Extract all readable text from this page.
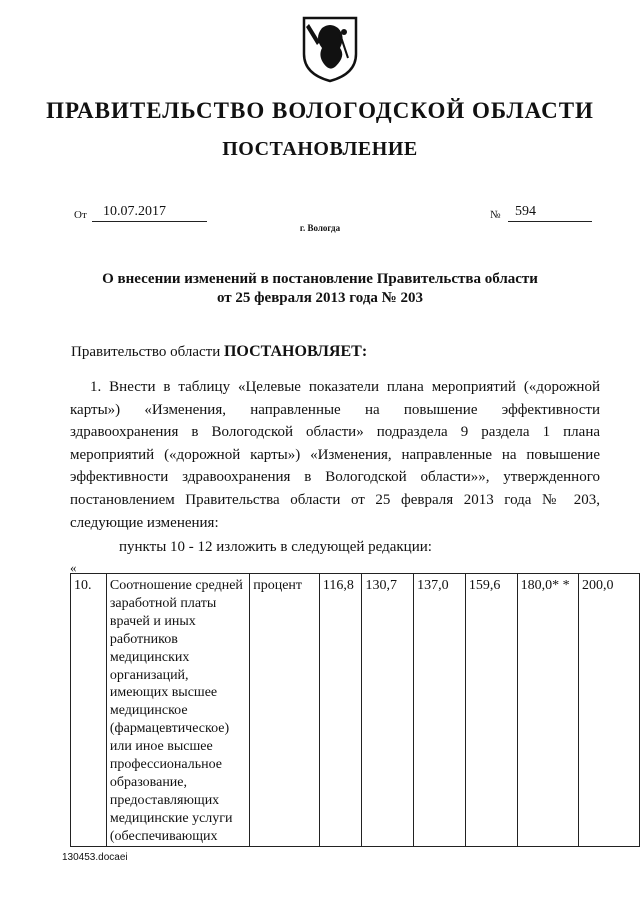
ПРАВИТЕЛЬСТВО ВОЛОГОДСКОЙ ОБЛАСТИ
ПОСТАНОВЛЕНИЕ
От 10.07.2017	№ 594
г. Вологда
О внесении изменений в постановление Правительства области
от 25 февраля 2013 года № 203
Правительство области ПОСТАНОВЛЯЕТ:

1. Внести в таблицу «Целевые показатели плана мероприятий («дорожной карты») «Изменения, направленные на повышение эффективности здравоохранения в Вологодской области» подраздела 9 раздела 1 плана мероприятий («дорожной карты») «Изменения, направленные на повышение эффективности здравоохранения в Вологодской области»», утвержденного постановлением Правительства области от 25 февраля 2013 года № 203, следующие изменения:

пункты 10 - 12 изложить в следующей редакции:
«
10.	Соотношение средней заработной платы врачей и иных работников медицинских организаций, имеющих высшее медицинское (фармацевтическое) или иное высшее профессиональное образование, предоставляющих медицинские услуги (обеспечивающих	процент	116,8	130,7	137,0	159,6	180,0* *	200,0
130453.docaei
